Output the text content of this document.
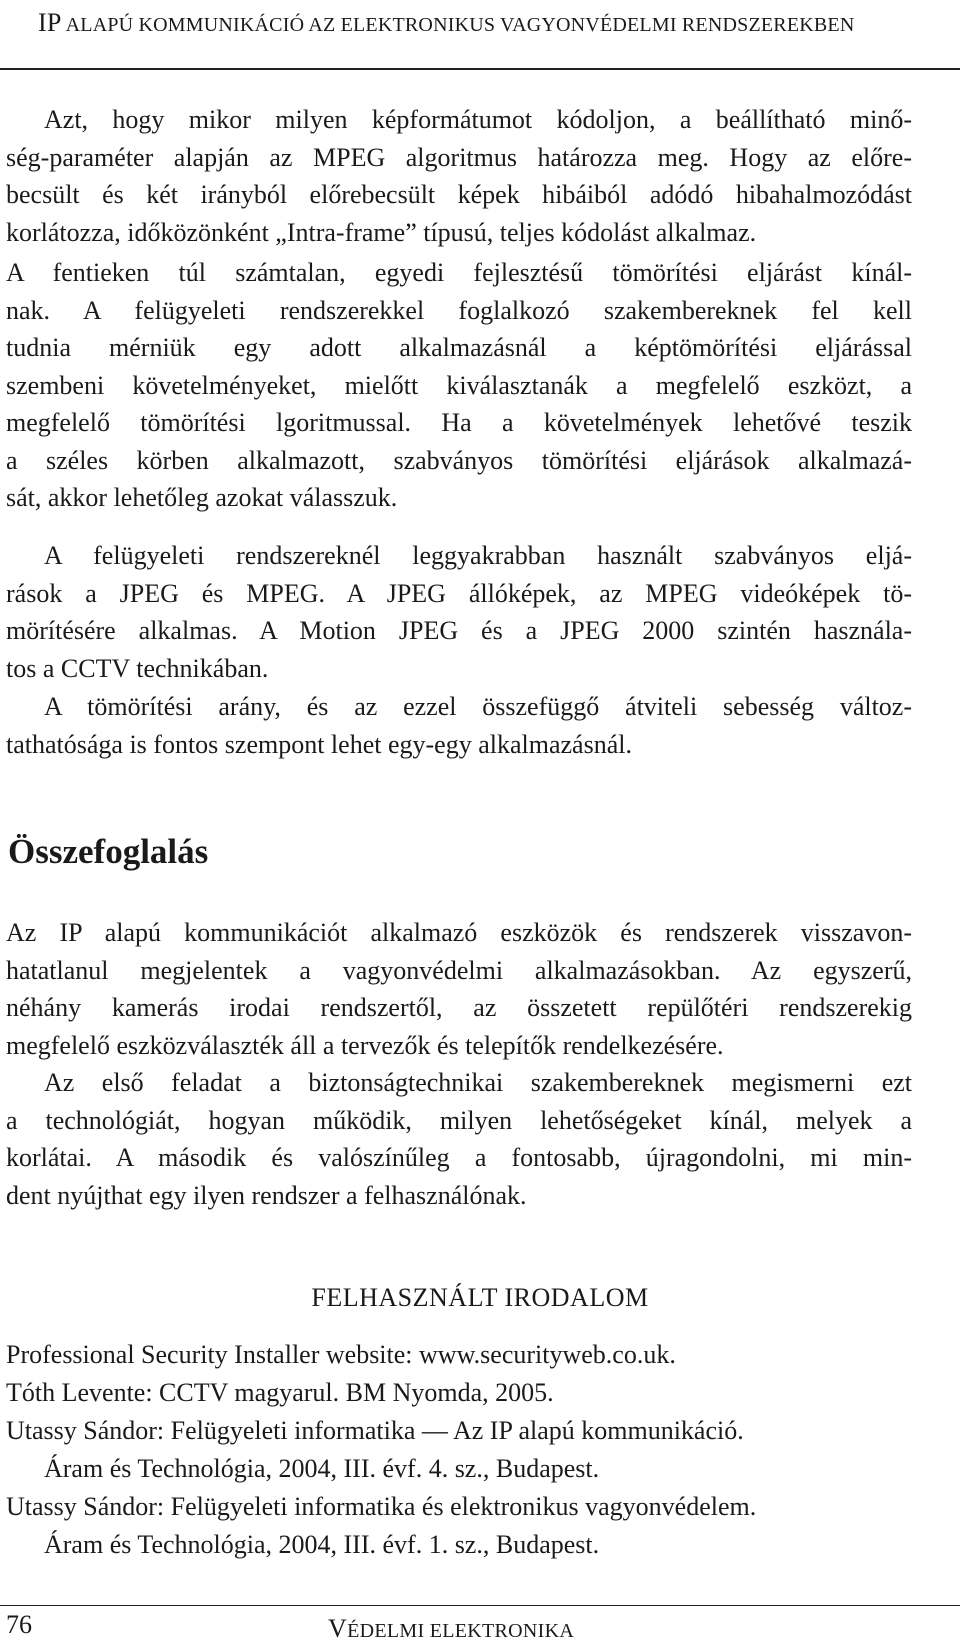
IP ALAPÚ KOMMUNIKÁCIÓ AZ ELEKTRONIKUS VAGYONVÉDELMI RENDSZEREKBEN
Azt, hogy mikor milyen képformátumot kódoljon, a beállítható minő-
ség-paraméter alapján az MPEG algoritmus határozza meg. Hogy az előre-
becsült és két irányból előrebecsült képek hibáiból adódó hibahalmozódást
korlátozza, időközönként „Intra-frame” típusú, teljes kódolást alkalmaz.
A fentieken túl számtalan, egyedi fejlesztésű tömörítési eljárást kínál-
nak. A felügyeleti rendszerekkel foglalkozó szakembereknek fel kell
tudnia mérniük egy adott alkalmazásnál a képtömörítési eljárással
szembeni követelményeket, mielőtt kiválasztanák a megfelelő eszközt, a
megfelelő tömörítési lgoritmussal. Ha a követelmények lehetővé teszik
a széles körben alkalmazott, szabványos tömörítési eljárások alkalmazá-
sát, akkor lehetőleg azokat válasszuk.
A felügyeleti rendszereknél leggyakrabban használt szabványos eljá-
rások a JPEG és MPEG. A JPEG állóképek, az MPEG videóképek tö-
mörítésére alkalmas. A Motion JPEG és a JPEG 2000 szintén használa-
tos a CCTV technikában.
A tömörítési arány, és az ezzel összefüggő átviteli sebesség változ-
tathatósága is fontos szempont lehet egy-egy alkalmazásnál.
Összefoglalás
Az IP alapú kommunikációt alkalmazó eszközök és rendszerek visszavon-
hatatlanul megjelentek a vagyonvédelmi alkalmazásokban. Az egyszerű,
néhány kamerás irodai rendszertől, az összetett repülőtéri rendszerekig
megfelelő eszközválaszték áll a tervezők és telepítők rendelkezésére.
Az első feladat a biztonságtechnikai szakembereknek megismerni ezt
a technológiát, hogyan működik, milyen lehetőségeket kínál, melyek a
korlátai. A második és valószínűleg a fontosabb, újragondolni, mi min-
dent nyújthat egy ilyen rendszer a felhasználónak.
FELHASZNÁLT IRODALOM
Professional Security Installer website: www.securityweb.co.uk.
Tóth Levente: CCTV magyarul. BM Nyomda, 2005.
Utassy Sándor: Felügyeleti informatika — Az IP alapú kommunikáció.
Áram és Technológia, 2004, III. évf. 4. sz., Budapest.
Utassy Sándor: Felügyeleti informatika és elektronikus vagyonvédelem.
Áram és Technológia, 2004, III. évf. 1. sz., Budapest.
76	VÉDELMI ELEKTRONIKA
